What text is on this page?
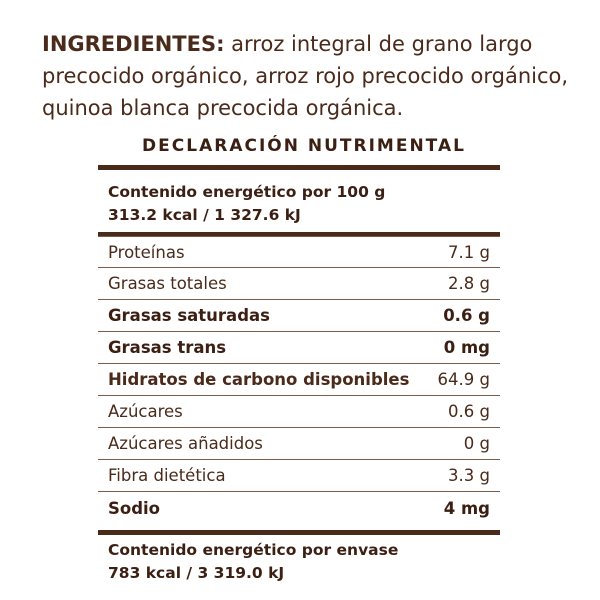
INGREDIENTES: arroz integral de grano largo precocido orgánico, arroz rojo precocido orgánico, quinoa blanca precocida orgánica.
DECLARACIÓN NUTRIMENTAL
Contenido energético por 100 g
313.2 kcal / 1 327.6 kJ
Proteínas	7.1 g
Grasas totales	2.8 g
Grasas saturadas	0.6 g
Grasas trans	0 mg
Hidratos de carbono disponibles 64.9 g
Azúcares	0.6 g
Azúcares añadidos	0 g
Fibra dietética	3.3 g
Sodio	4 mg
Contenido energético por envase
783 kcal / 3 319.0 kJ
